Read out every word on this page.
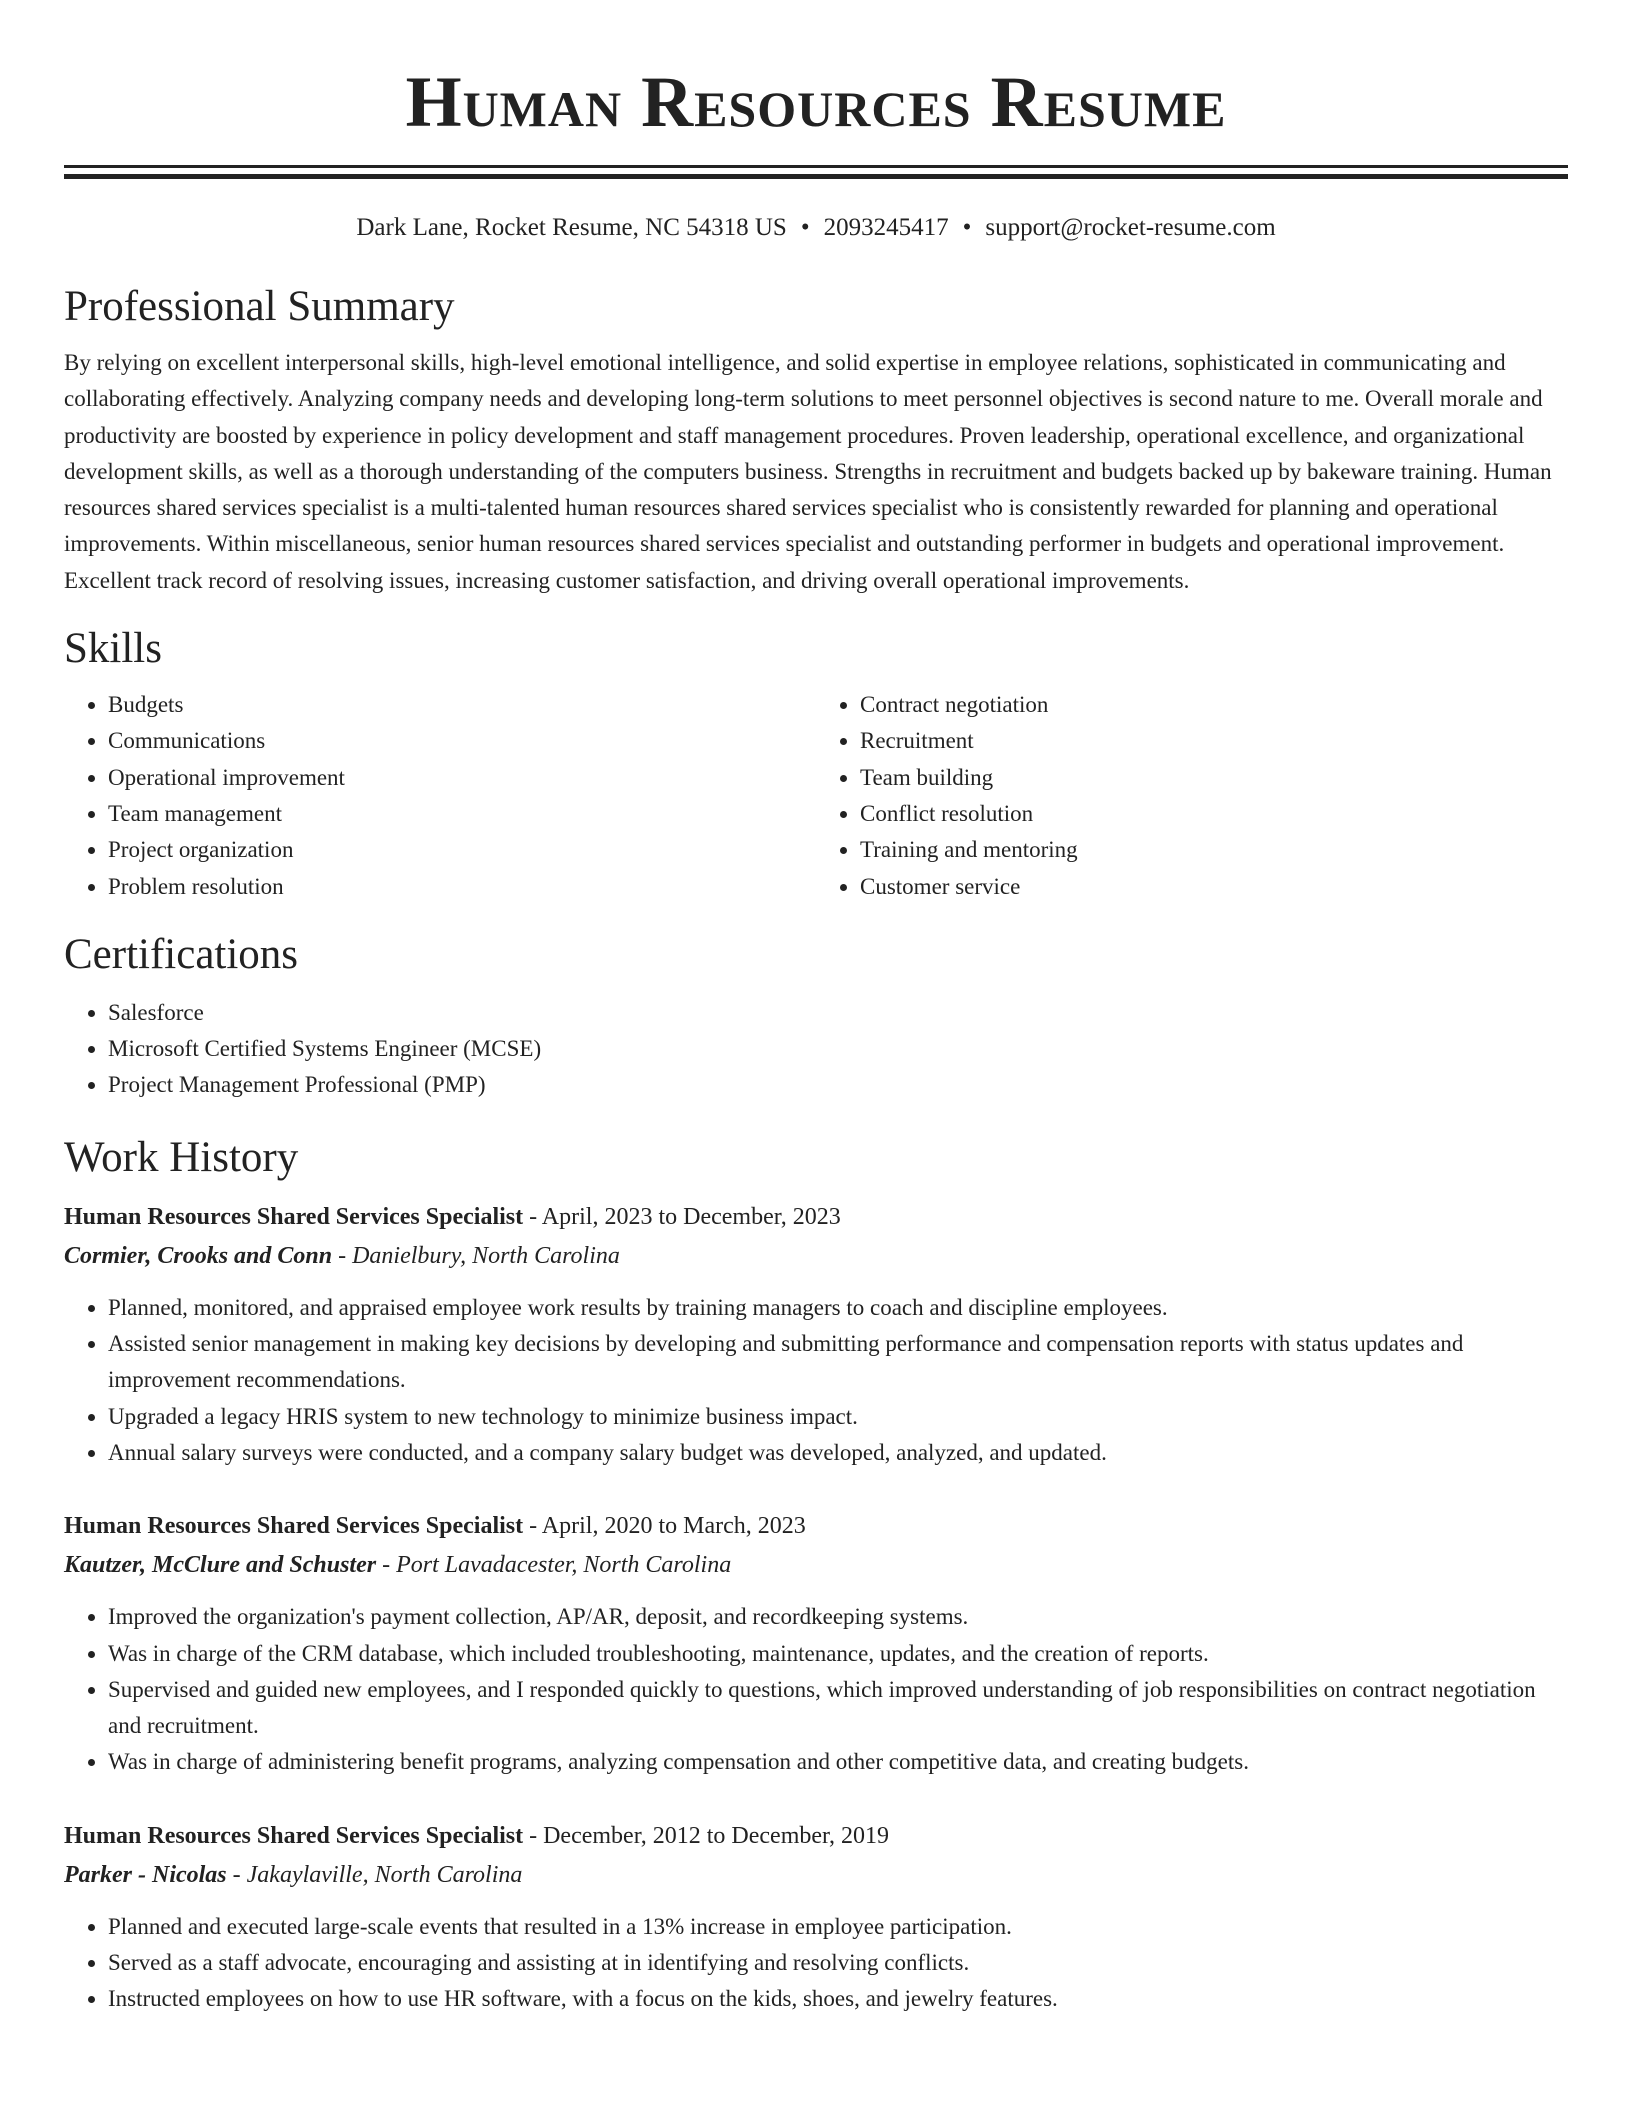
Human Resources Resume
Dark Lane, Rocket Resume, NC 54318 US • 2093245417 • support@rocket-resume.com
Professional Summary
By relying on excellent interpersonal skills, high-level emotional intelligence, and solid expertise in employee relations, sophisticated in communicating and collaborating effectively. Analyzing company needs and developing long-term solutions to meet personnel objectives is second nature to me. Overall morale and productivity are boosted by experience in policy development and staff management procedures. Proven leadership, operational excellence, and organizational development skills, as well as a thorough understanding of the computers business. Strengths in recruitment and budgets backed up by bakeware training. Human resources shared services specialist is a multi-talented human resources shared services specialist who is consistently rewarded for planning and operational improvements. Within miscellaneous, senior human resources shared services specialist and outstanding performer in budgets and operational improvement. Excellent track record of resolving issues, increasing customer satisfaction, and driving overall operational improvements.
Skills
• Budgets
• Communications
• Operational improvement
• Team management
• Project organization
• Problem resolution
• Contract negotiation
• Recruitment
• Team building
• Conflict resolution
• Training and mentoring
• Customer service
Certifications
• Salesforce
• Microsoft Certified Systems Engineer (MCSE)
• Project Management Professional (PMP)
Work History
Human Resources Shared Services Specialist - April, 2023 to December, 2023
Cormier, Crooks and Conn - Danielbury, North Carolina
• Planned, monitored, and appraised employee work results by training managers to coach and discipline employees.
• Assisted senior management in making key decisions by developing and submitting performance and compensation reports with status updates and improvement recommendations.
• Upgraded a legacy HRIS system to new technology to minimize business impact.
• Annual salary surveys were conducted, and a company salary budget was developed, analyzed, and updated.
Human Resources Shared Services Specialist - April, 2020 to March, 2023
Kautzer, McClure and Schuster - Port Lavadacester, North Carolina
• Improved the organization's payment collection, AP/AR, deposit, and recordkeeping systems.
• Was in charge of the CRM database, which included troubleshooting, maintenance, updates, and the creation of reports.
• Supervised and guided new employees, and I responded quickly to questions, which improved understanding of job responsibilities on contract negotiation and recruitment.
• Was in charge of administering benefit programs, analyzing compensation and other competitive data, and creating budgets.
Human Resources Shared Services Specialist - December, 2012 to December, 2019
Parker - Nicolas - Jakaylaville, North Carolina
• Planned and executed large-scale events that resulted in a 13% increase in employee participation.
• Served as a staff advocate, encouraging and assisting at in identifying and resolving conflicts.
• Instructed employees on how to use HR software, with a focus on the kids, shoes, and jewelry features.
